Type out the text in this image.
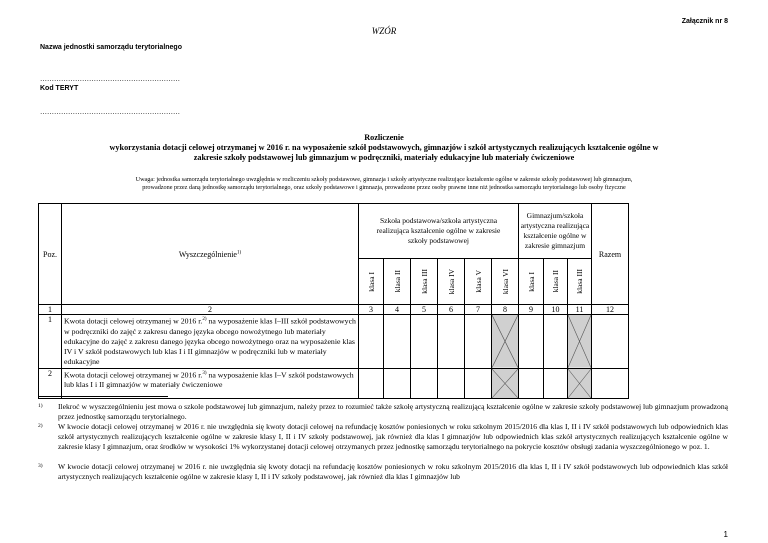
Załącznik nr 8
WZÓR
Nazwa jednostki samorządu terytorialnego
……………………………………………………
Kod TERYT
……………………………………………………
Rozliczenie
wykorzystania dotacji celowej otrzymanej w 2016 r. na wyposażenie szkół podstawowych, gimnazjów i szkół artystycznych realizujących kształcenie ogólne w
zakresie szkoły podstawowej lub gimnazjum w podręczniki, materiały edukacyjne lub materiały ćwiczeniowe
Uwaga: jednostka samorządu terytorialnego uwzględnia w rozliczeniu szkoły podstawowe, gimnazja i szkoły artystyczne realizujące kształcenie ogólne w zakresie szkoły podstawowej lub gimnazjum,
prowadzone przez daną jednostkę samorządu terytorialnego, oraz szkoły podstawowe i gimnazja, prowadzone przez osoby prawne inne niż jednostka samorządu terytorialnego lub osoby fizyczne
Poz.	Wyszczególnienie$^{1)}$	Szkoła podstawowa/szkoła artystyczna realizująca kształcenie ogólne w zakresie szkoły podstawowej						Gimnazjum/szkoła artystyczna realizująca kształcenie ogólne w zakresie gimnazjum			Razem

		klasa I	klasa II	klasa III	klasa IV	klasa V	klasa VI	klasa I	klasa II	klasa III	

1	2	3	4	5	6	7	8	9	10	11	12
1	Kwota dotacji celowej otrzymanej w 2016 r.$^{2)}$ na wyposażenie klas I–III szkół podstawowych w podręczniki do zajęć z zakresu danego języka obcego nowożytnego lub materiały edukacyjne do zajęć z zakresu danego języka obcego nowożytnego oraz na wyposażenie klas IV i V szkół podstawowych lub klas I i II gimnazjów w podręczniki lub w materiały edukacyjne						

2	Kwota dotacji celowej otrzymanej w 2016 r.$^{3)}$ na wyposażenie klas I–V szkół podstawowych lub klas I i II gimnazjów w materiały ćwiczeniowe						

1) Ilekroć w wyszczególnieniu jest mowa o szkole podstawowej lub gimnazjum, należy przez to rozumieć także szkołę artystyczną realizującą kształcenie ogólne w zakresie szkoły podstawowej lub gimnazjum prowadzoną przez jednostkę samorządu terytorialnego.
2) W kwocie dotacji celowej otrzymanej w 2016 r. nie uwzględnia się kwoty dotacji celowej na refundację kosztów poniesionych w roku szkolnym 2015/2016 dla klas I, II i IV szkół podstawowych lub odpowiednich klas szkół artystycznych realizujących kształcenie ogólne w zakresie klasy I, II i IV szkoły podstawowej, jak również dla klas I gimnazjów lub odpowiednich klas szkół artystycznych realizujących kształcenie ogólne w zakresie klasy I gimnazjum, oraz środków w wysokości 1% wykorzystanej dotacji celowej otrzymanych przez jednostkę samorządu terytorialnego na pokrycie kosztów obsługi zadania wyszczególnionego w poz. 1.
3) W kwocie dotacji celowej otrzymanej w 2016 r. nie uwzględnia się kwoty dotacji na refundację kosztów poniesionych w roku szkolnym 2015/2016 dla klas I, II i IV szkół podstawowych lub odpowiednich klas szkół artystycznych realizujących kształcenie ogólne w zakresie klasy I, II i IV szkoły podstawowej, jak również dla klas I gimnazjów lub
1
